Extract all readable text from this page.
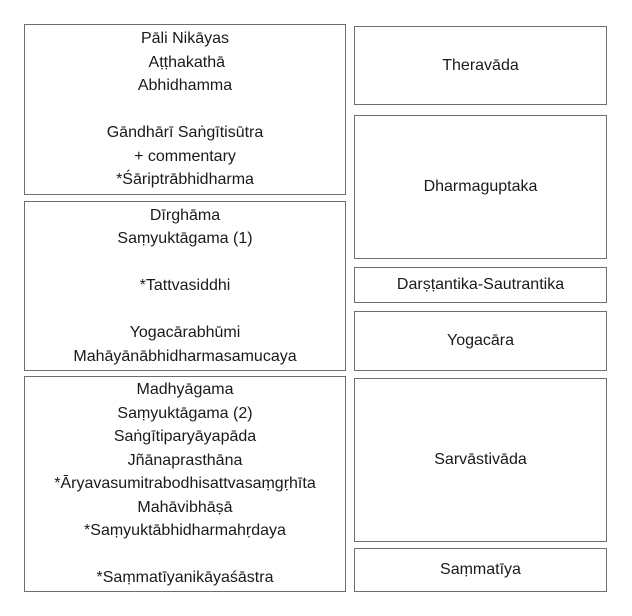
Pāli Nikāyas
Aṭṭhakathā
Abhidhamma
Gāndhārī Saṅgītisūtra
+ commentary
*Śāriptrābhidharma
Dīrghāma
Saṃyuktāgama (1)
*Tattvasiddhi
Yogacārabhūmi
Mahāyānābhidharmasamucaya
Madhyāgama
Saṃyuktāgama (2)
Saṅgītiparyāyapāda
Jñānaprasthāna
*Āryavasumitrabodhisattvasaṃgṛhīta
Mahāvibhāṣā
*Saṃyuktābhidharmahṛdaya
*Saṃmatīyanikāyaśāstra
Theravāda
Dharmaguptaka
Darṣṭantika-Sautrantika
Yogacāra
Sarvāstivāda
Saṃmatīya
